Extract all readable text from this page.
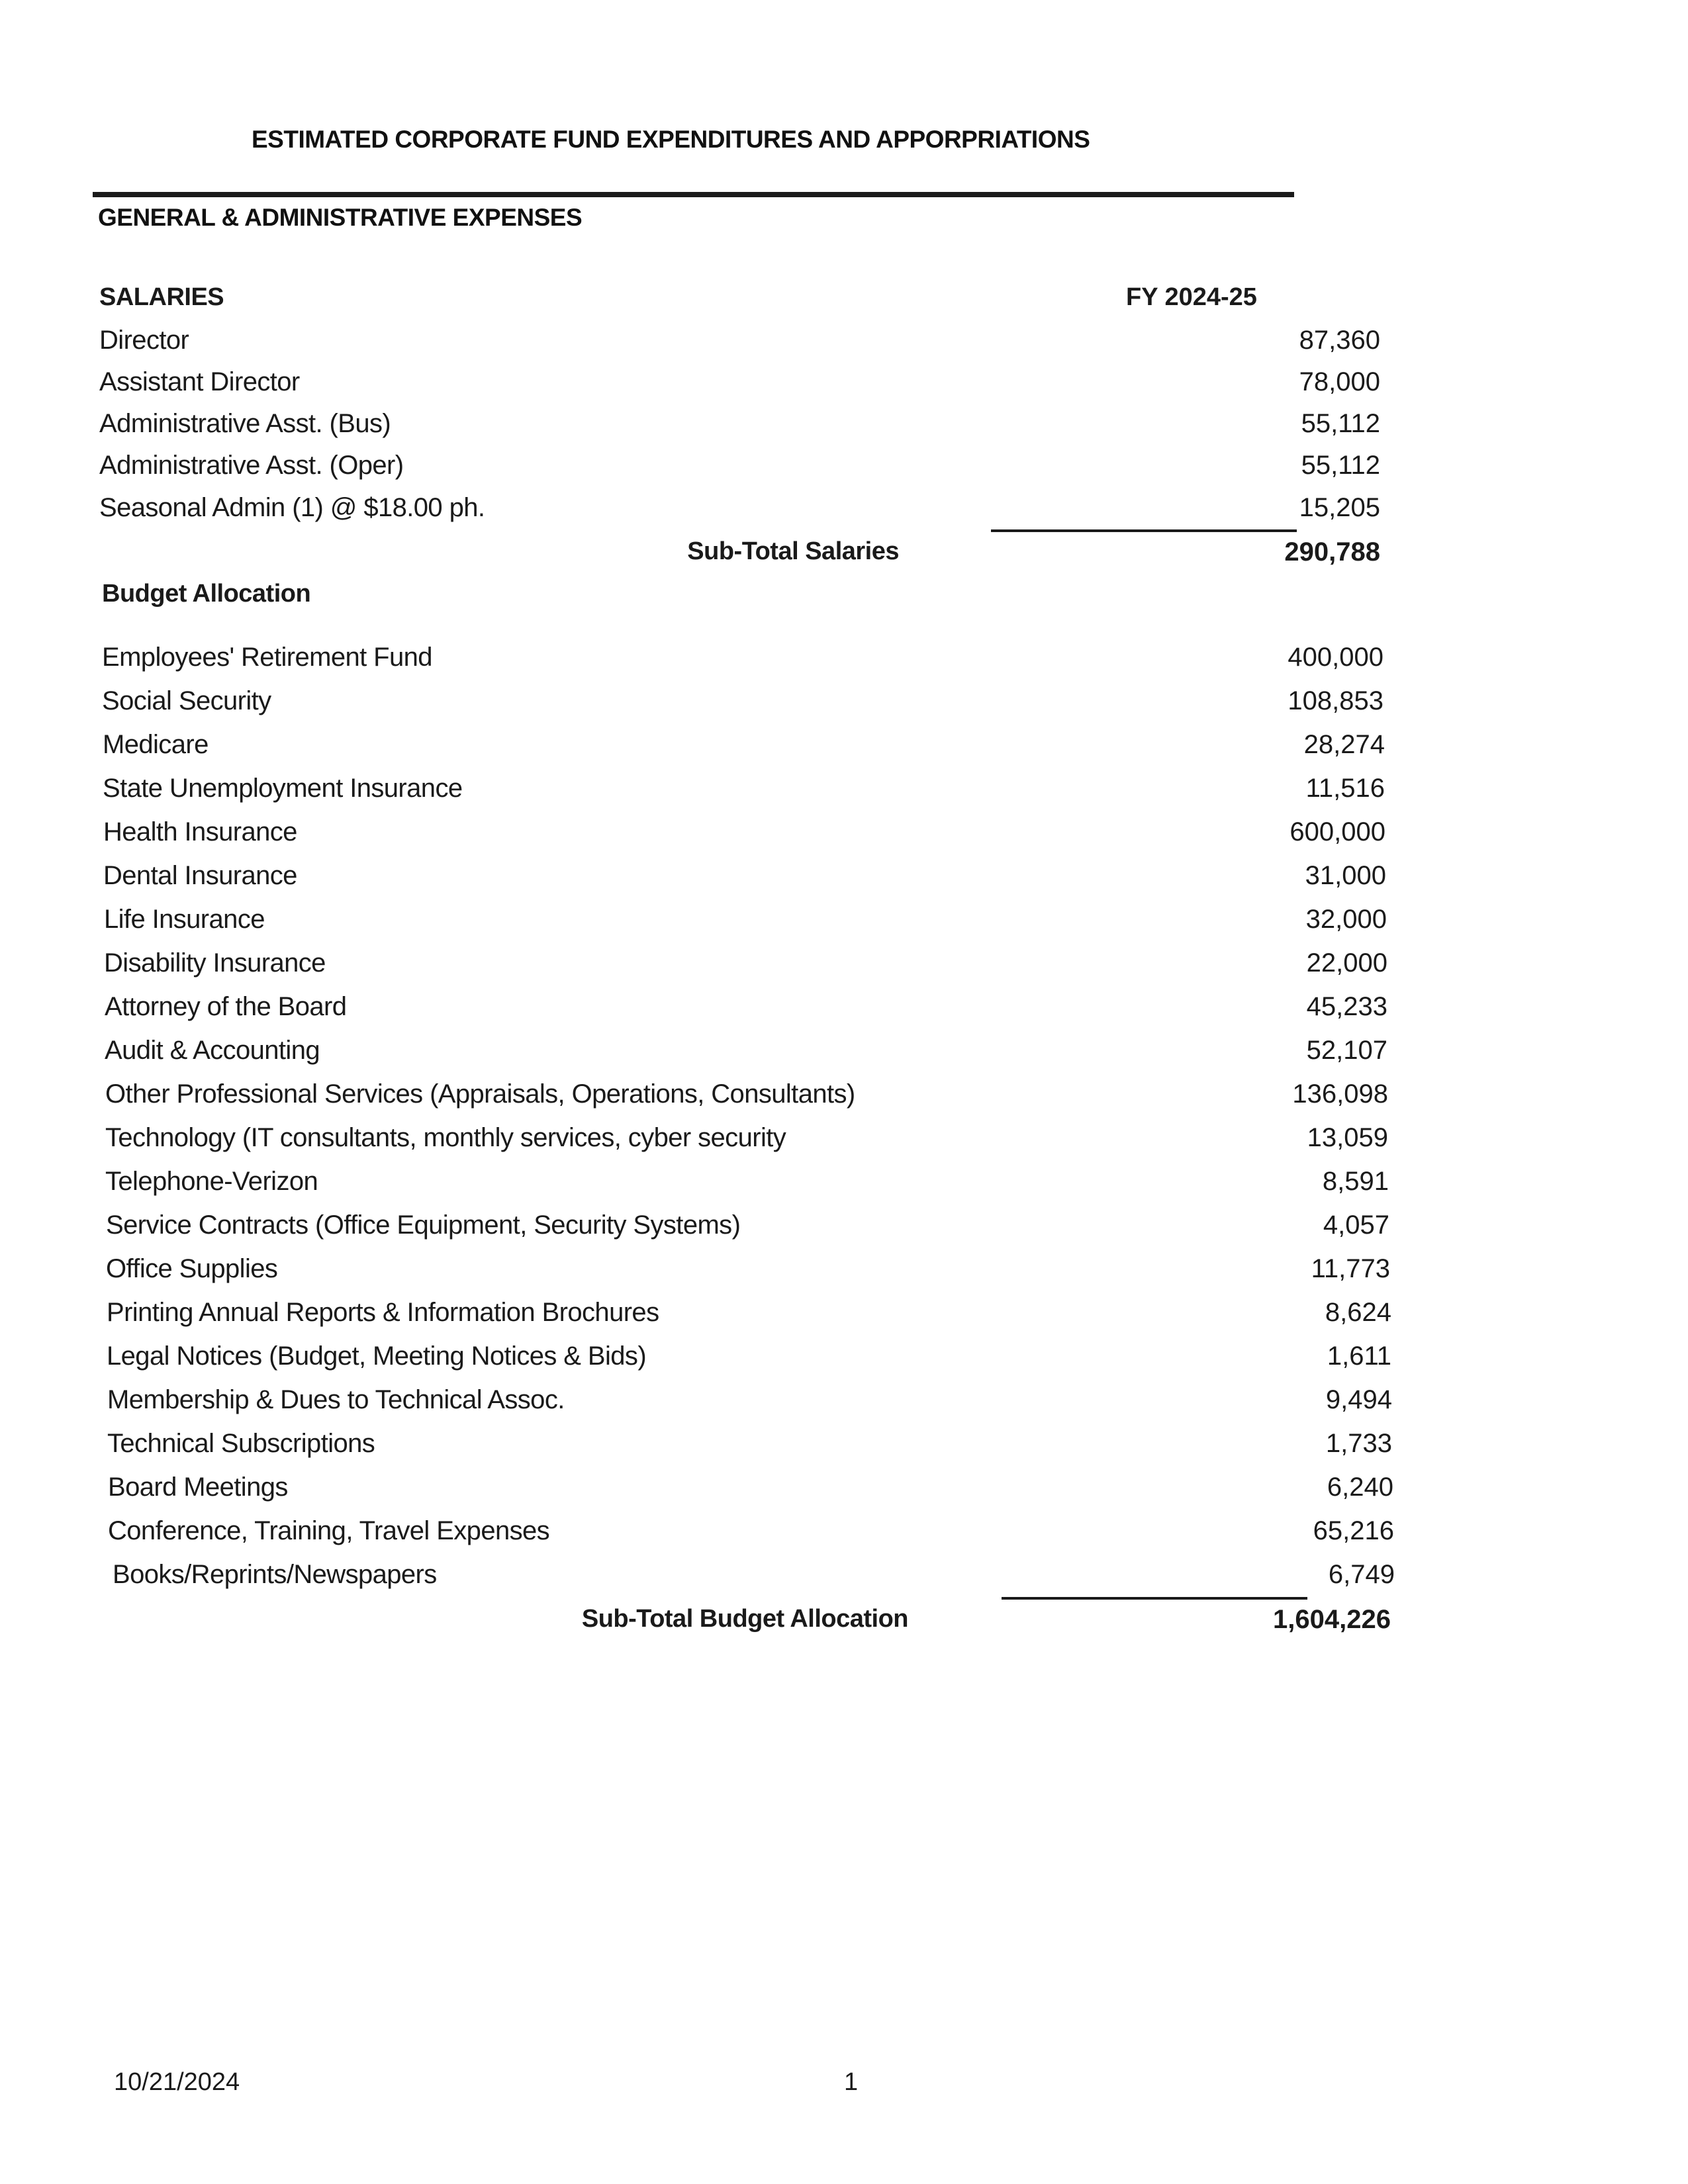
ESTIMATED CORPORATE FUND EXPENDITURES AND APPORPRIATIONS
GENERAL & ADMINISTRATIVE EXPENSES
SALARIES	FY 2024-25
Director	87,360
Assistant Director	78,000
Administrative Asst. (Bus)	55,112
Administrative Asst. (Oper)	55,112
Seasonal Admin (1) @ $18.00 ph.	15,205
Sub-Total Salaries	290,788
Budget Allocation
Employees' Retirement Fund	400,000
Social Security	108,853
Medicare	28,274
State Unemployment Insurance	11,516
Health Insurance	600,000
Dental Insurance	31,000
Life Insurance	32,000
Disability Insurance	22,000
Attorney of the Board	45,233
Audit & Accounting	52,107
Other Professional Services (Appraisals, Operations, Consultants)	136,098
Technology (IT consultants, monthly services, cyber security	13,059
Telephone-Verizon	8,591
Service Contracts (Office Equipment, Security Systems)	4,057
Office Supplies	11,773
Printing Annual Reports & Information Brochures	8,624
Legal Notices (Budget, Meeting Notices & Bids)	1,611
Membership & Dues to Technical Assoc.	9,494
Technical Subscriptions	1,733
Board Meetings	6,240
Conference, Training, Travel Expenses	65,216
Books/Reprints/Newspapers	6,749
Sub-Total Budget Allocation	1,604,226
10/21/2024	1
